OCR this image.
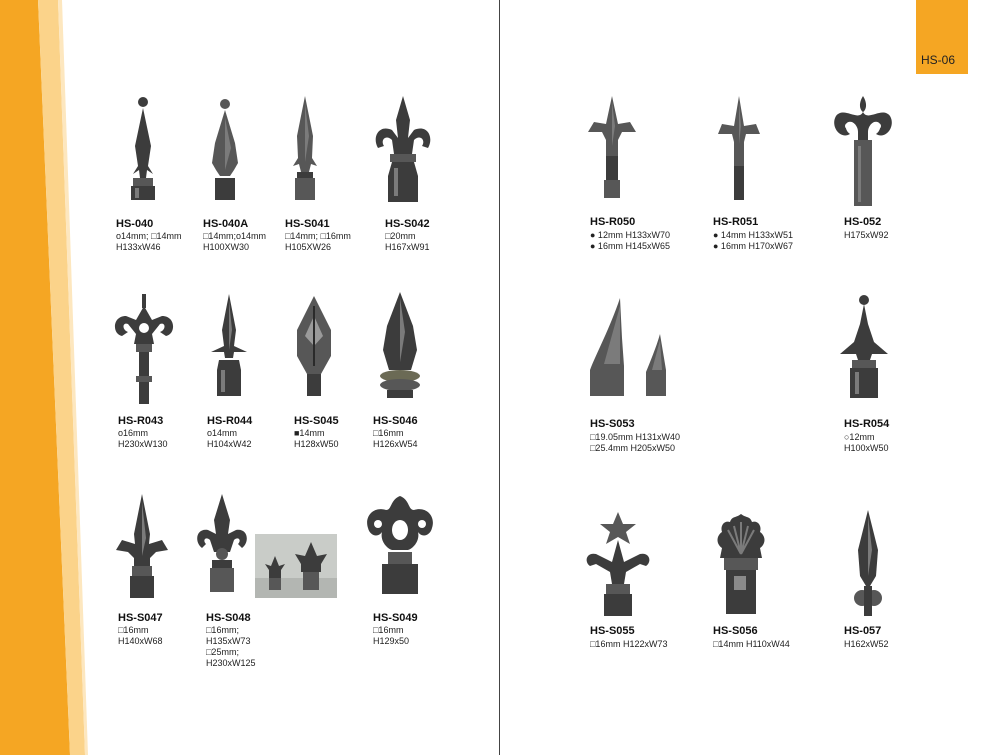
HS-06
HS-040
o14mm; □14mm
H133xW46
HS-040A
□14mm;o14mm
H100XW30
HS-S041
□14mm; □16mm
H105XW26
HS-S042
□20mm
H167xW91
HS-R043
o16mm
H230xW130
HS-R044
o14mm
H104xW42
HS-S045
■14mm
H128xW50
HS-S046
□16mm
H126xW54
HS-S047
□16mm
H140xW68
HS-S048
□16mm;
H135xW73
□25mm;
H230xW125
HS-S049
□16mm
H129x50
HS-R050
● 12mm H133xW70
● 16mm H145xW65
HS-R051
● 14mm H133xW51
● 16mm H170xW67
HS-052
H175xW92
HS-S053
□19.05mm H131xW40
□25.4mm H205xW50
HS-R054
○12mm
H100xW50
HS-S055
□16mm H122xW73
HS-S056
□14mm H110xW44
HS-057
H162xW52
